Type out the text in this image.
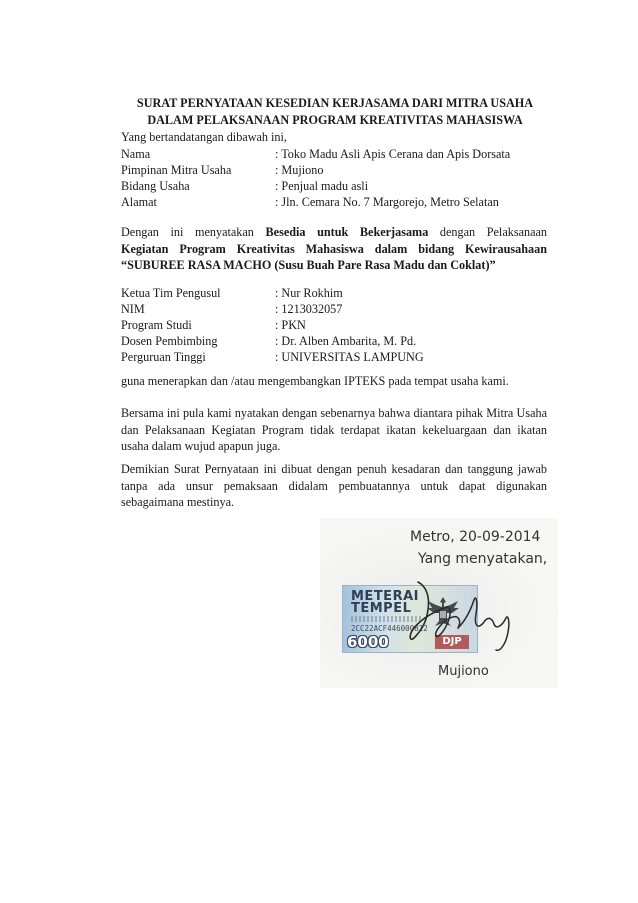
SURAT PERNYATAAN KESEDIAN KERJASAMA DARI MITRA USAHA
DALAM PELAKSANAAN PROGRAM KREATIVITAS MAHASISWA
Yang bertandatangan dibawah ini,
Nama	: Toko Madu Asli Apis Cerana dan Apis Dorsata
Pimpinan Mitra Usaha	: Mujiono
Bidang Usaha	: Penjual madu asli
Alamat	: Jln. Cemara No. 7 Margorejo, Metro Selatan
Dengan ini menyatakan Besedia untuk Bekerjasama dengan Pelaksanaan
Kegiatan Program Kreativitas Mahasiswa dalam bidang Kewirausahaan
“SUBUREE RASA MACHO (Susu Buah Pare Rasa Madu dan Coklat)”
Ketua Tim Pengusul	: Nur Rokhim
NIM	: 1213032057
Program Studi	: PKN
Dosen Pembimbing	: Dr. Alben Ambarita, M. Pd.
Perguruan Tinggi	: UNIVERSITAS LAMPUNG
guna menerapkan dan /atau mengembangkan IPTEKS pada tempat usaha kami.
Bersama ini pula kami nyatakan dengan sebenarnya bahwa diantara pihak Mitra Usaha dan Pelaksanaan Kegiatan Program tidak terdapat ikatan kekeluargaan dan ikatan usaha dalam wujud apapun juga.
Demikian Surat Pernyataan ini dibuat dengan penuh kesadaran dan tanggung jawab tanpa ada unsur pemaksaan didalam pembuatannya untuk dapat digunakan sebagaimana mestinya.
Metro, 20-09-2014
Yang menyatakan,
METERAI
TEMPEL
2CC22ACF446000812
6000	DJP
Mujiono
